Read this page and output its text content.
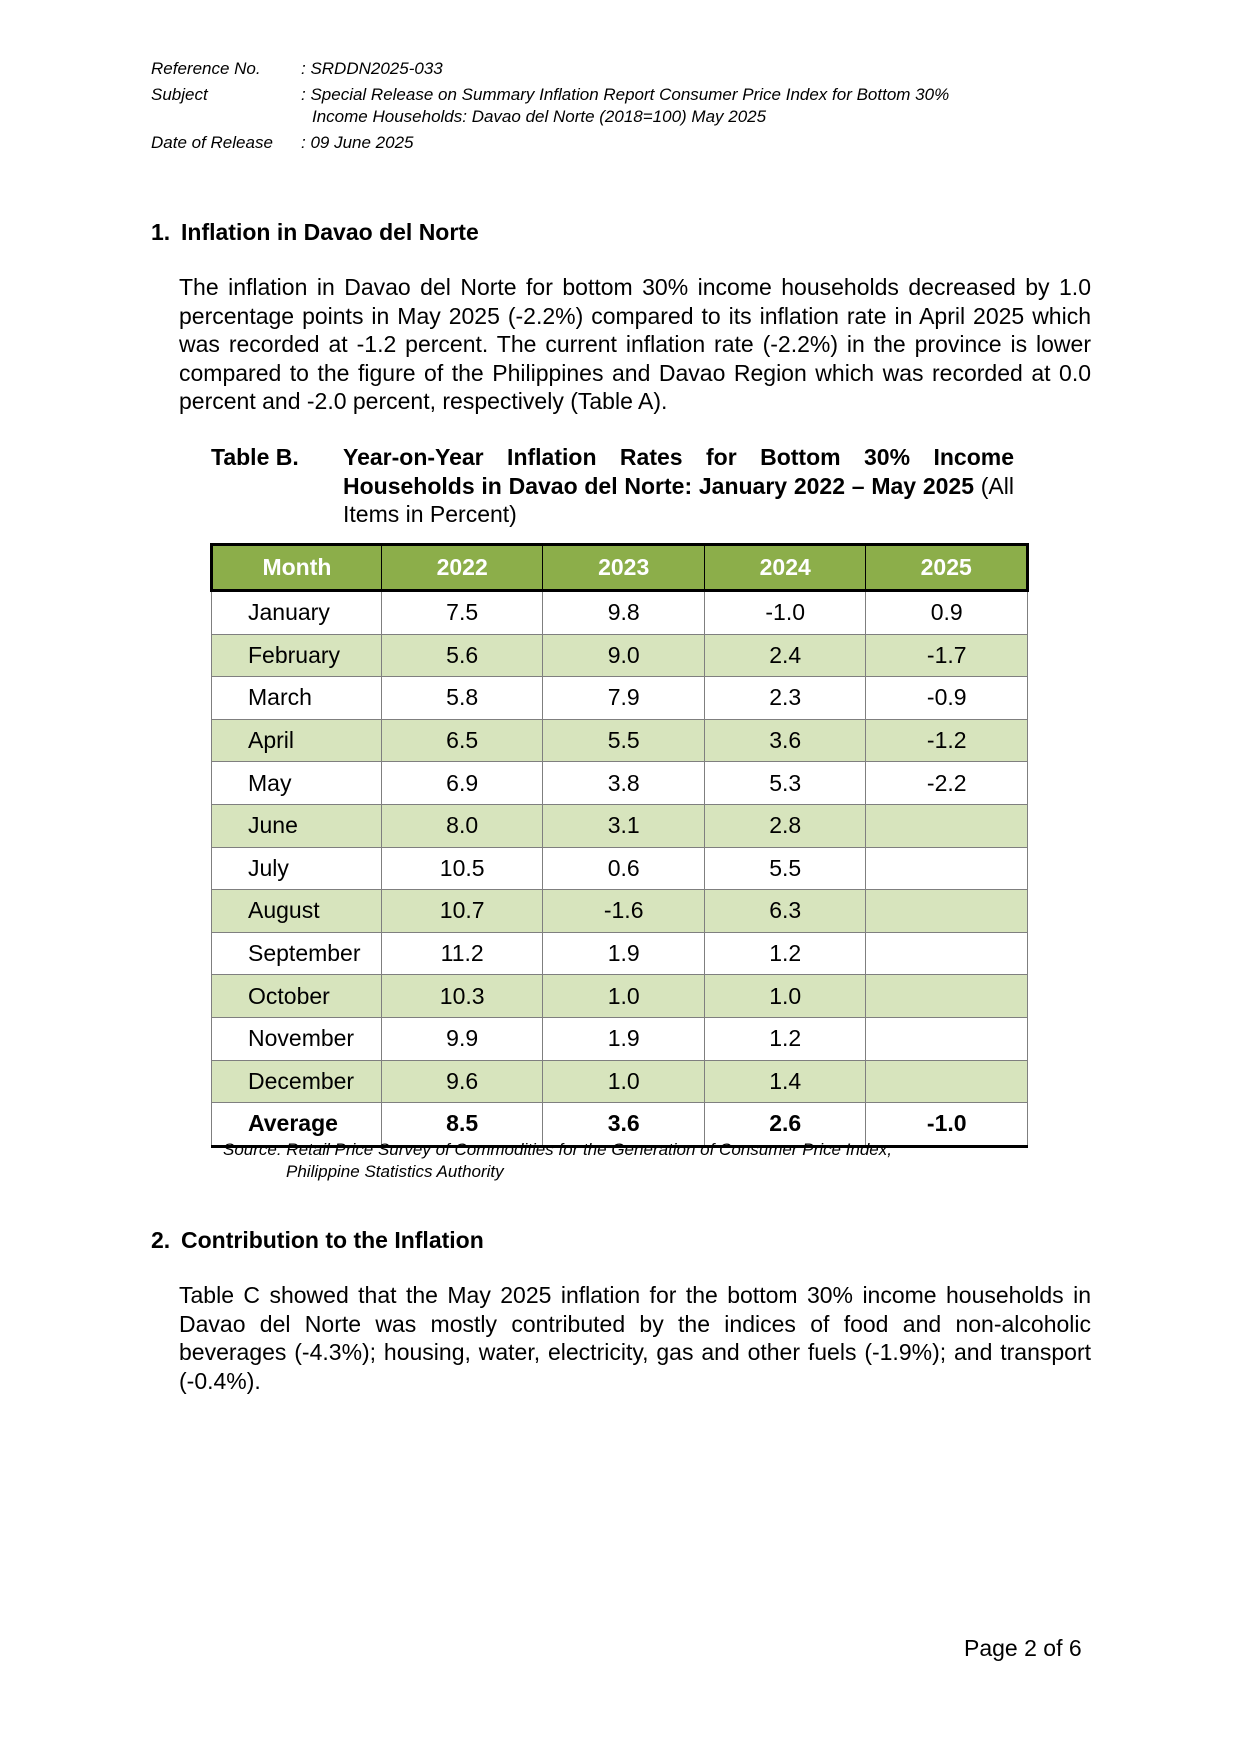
Reference No.	: SRDDN2025-033
Subject	: Special Release on Summary Inflation Report Consumer Price Index for Bottom 30%
Income Households: Davao del Norte (2018=100) May 2025
Date of Release	: 09 June 2025
1. Inflation in Davao del Norte
The inflation in Davao del Norte for bottom 30% income households decreased by 1.0 percentage points in May 2025 (-2.2%) compared to its inflation rate in April 2025 which was recorded at -1.2 percent. The current inflation rate (-2.2%) in the province is lower compared to the figure of the Philippines and Davao Region which was recorded at 0.0 percent and -2.0 percent, respectively (Table A).
Table B.	Year-on-Year Inflation Rates for Bottom 30% Income Households in Davao del Norte: January 2022 – May 2025 (All Items in Percent)
Month	2022	2023	2024	2025
January	7.5	9.8	-1.0	0.9
February	5.6	9.0	2.4	-1.7
March	5.8	7.9	2.3	-0.9
April	6.5	5.5	3.6	-1.2
May	6.9	3.8	5.3	-2.2
June	8.0	3.1	2.8	
July	10.5	0.6	5.5	
August	10.7	-1.6	6.3	
September	11.2	1.9	1.2	
October	10.3	1.0	1.0	
November	9.9	1.9	1.2	
December	9.6	1.0	1.4	
Average	8.5	3.6	2.6	-1.0
Source: Retail Price Survey of Commodities for the Generation of Consumer Price Index,
Philippine Statistics Authority
2. Contribution to the Inflation
Table C showed that the May 2025 inflation for the bottom 30% income households in Davao del Norte was mostly contributed by the indices of food and non-alcoholic beverages (-4.3%); housing, water, electricity, gas and other fuels (-1.9%); and transport (-0.4%).
Page 2 of 6
